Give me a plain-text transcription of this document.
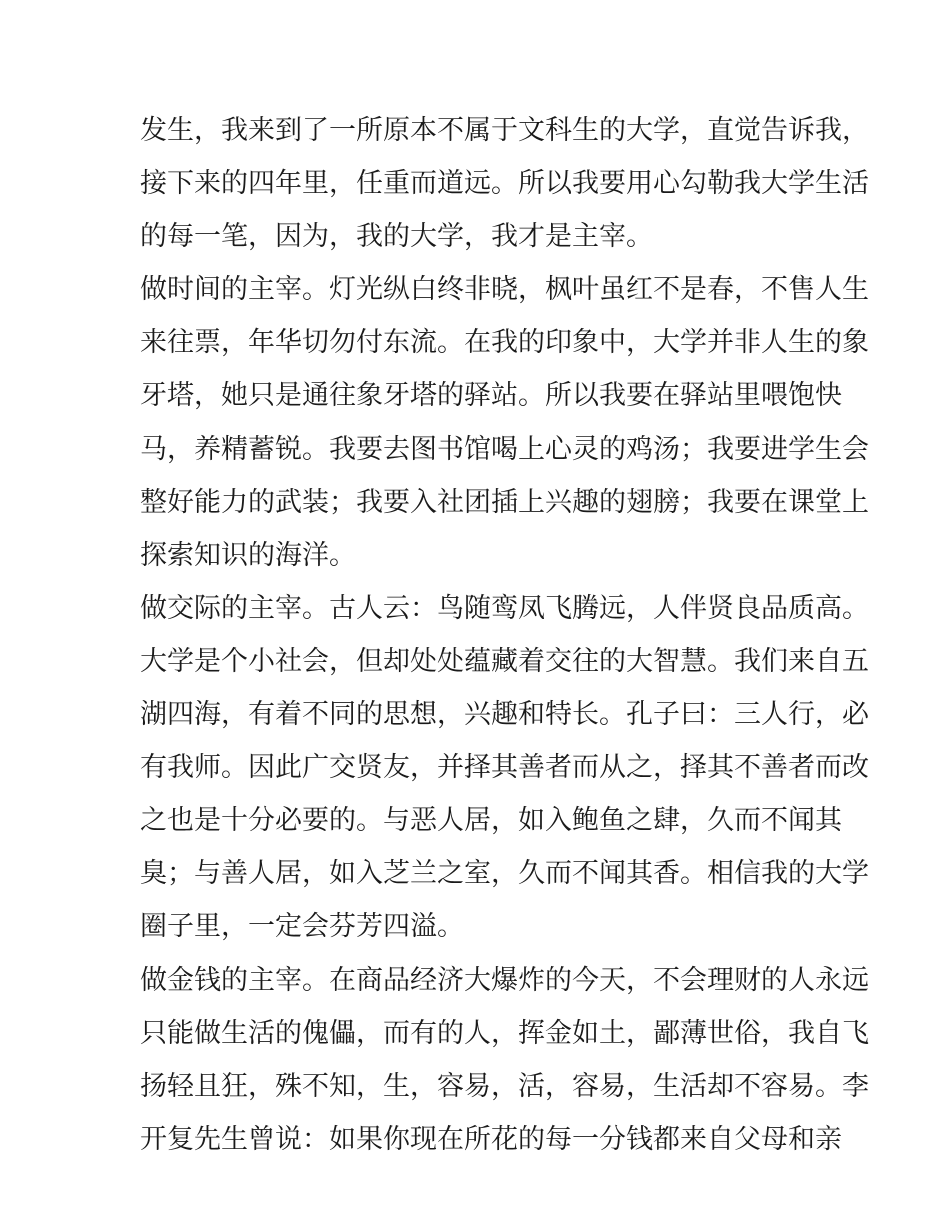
发生，我来到了一所原本不属于文科生的大学，直觉告诉我，
接下来的四年里，任重而道远。所以我要用心勾勒我大学生活
的每一笔，因为，我的大学，我才是主宰。
做时间的主宰。灯光纵白终非晓，枫叶虽红不是春，不售人生
来往票，年华切勿付东流。在我的印象中，大学并非人生的象
牙塔，她只是通往象牙塔的驿站。所以我要在驿站里喂饱快
马，养精蓄锐。我要去图书馆喝上心灵的鸡汤；我要进学生会
整好能力的武装；我要入社团插上兴趣的翅膀；我要在课堂上
探索知识的海洋。
做交际的主宰。古人云：鸟随鸾凤飞腾远，人伴贤良品质高。
大学是个小社会，但却处处蕴藏着交往的大智慧。我们来自五
湖四海，有着不同的思想，兴趣和特长。孔子曰：三人行，必
有我师。因此广交贤友，并择其善者而从之，择其不善者而改
之也是十分必要的。与恶人居，如入鲍鱼之肆，久而不闻其
臭；与善人居，如入芝兰之室，久而不闻其香。相信我的大学
圈子里，一定会芬芳四溢。
做金钱的主宰。在商品经济大爆炸的今天，不会理财的人永远
只能做生活的傀儡，而有的人，挥金如土，鄙薄世俗，我自飞
扬轻且狂，殊不知，生，容易，活，容易，生活却不容易。李
开复先生曾说：如果你现在所花的每一分钱都来自父母和亲
